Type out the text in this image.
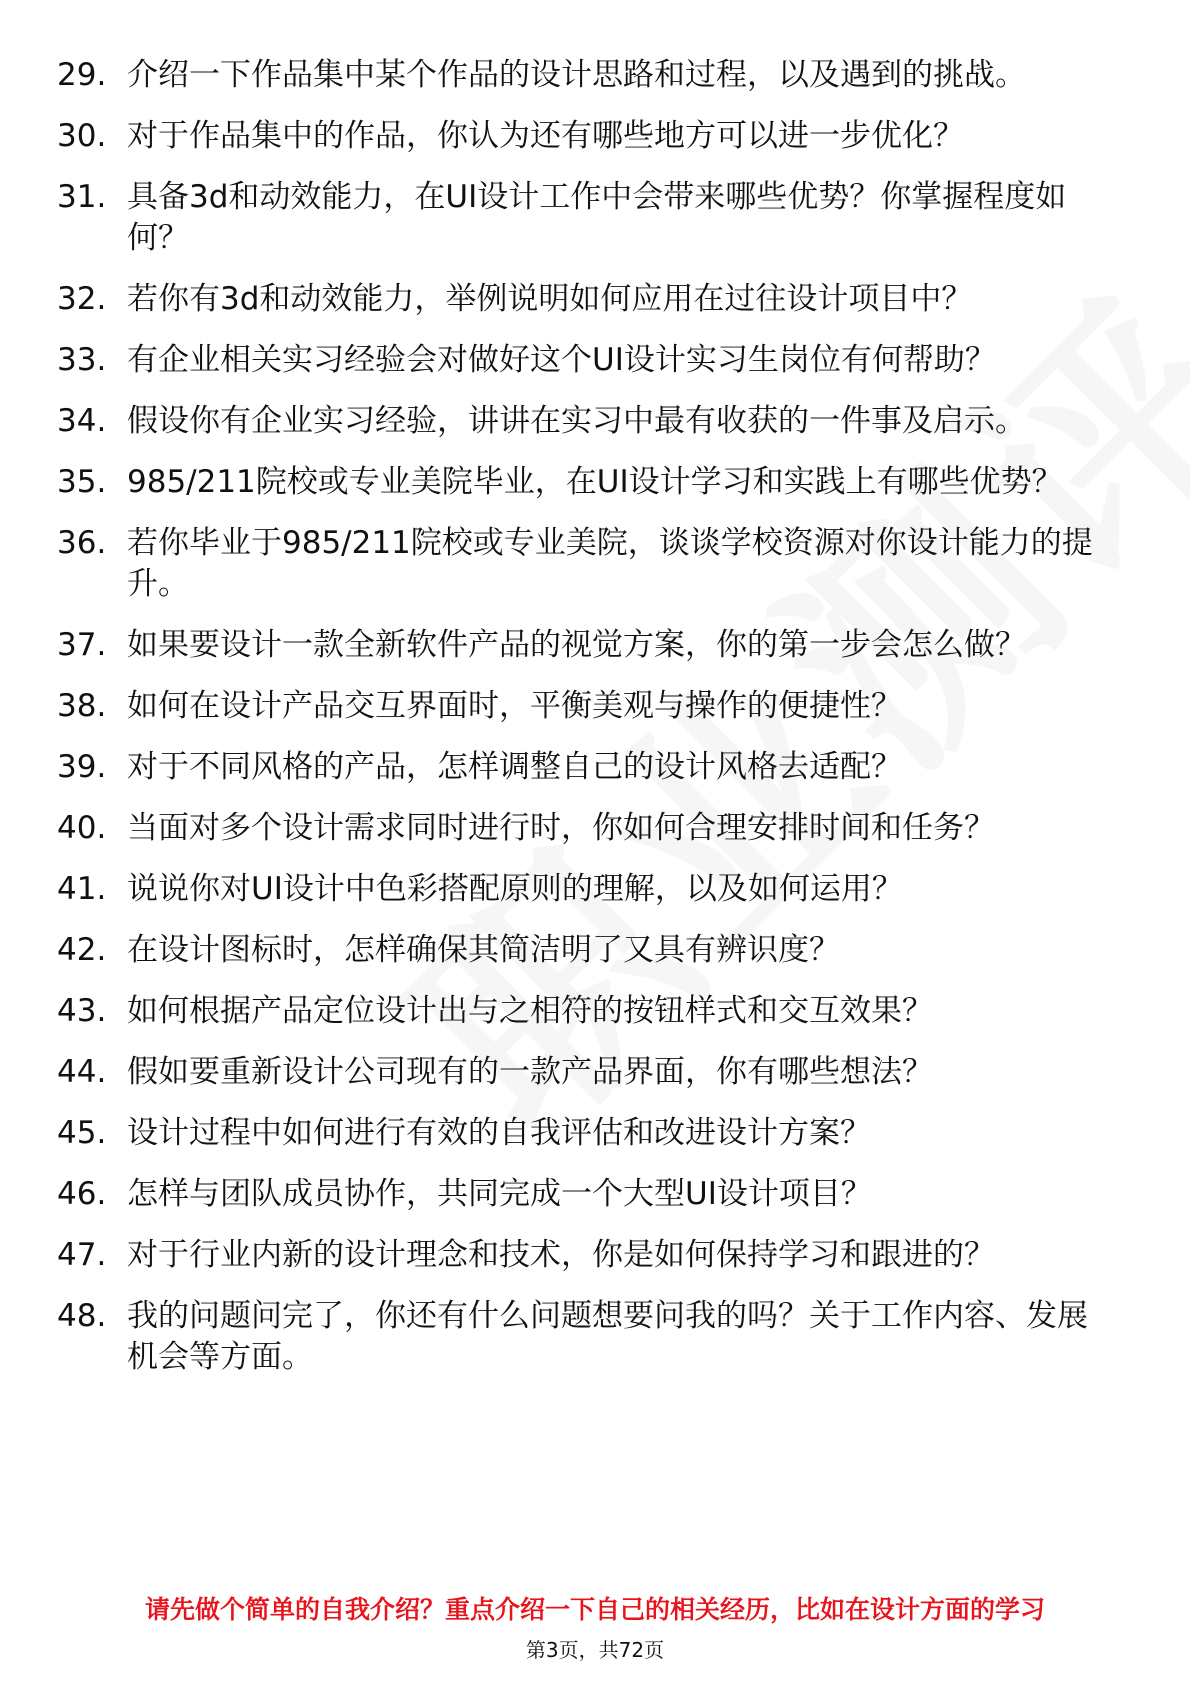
29. 介绍一下作品集中某个作品的设计思路和过程，以及遇到的挑战。
30. 对于作品集中的作品，你认为还有哪些地方可以进一步优化？
31. 具备3d和动效能力，在UI设计工作中会带来哪些优势？你掌握程度如何？
32. 若你有3d和动效能力，举例说明如何应用在过往设计项目中？
33. 有企业相关实习经验会对做好这个UI设计实习生岗位有何帮助？
34. 假设你有企业实习经验，讲讲在实习中最有收获的一件事及启示。
35. 985/211院校或专业美院毕业，在UI设计学习和实践上有哪些优势？
36. 若你毕业于985/211院校或专业美院，谈谈学校资源对你设计能力的提升。
37. 如果要设计一款全新软件产品的视觉方案，你的第一步会怎么做？
38. 如何在设计产品交互界面时，平衡美观与操作的便捷性？
39. 对于不同风格的产品，怎样调整自己的设计风格去适配？
40. 当面对多个设计需求同时进行时，你如何合理安排时间和任务？
41. 说说你对UI设计中色彩搭配原则的理解，以及如何运用？
42. 在设计图标时，怎样确保其简洁明了又具有辨识度？
43. 如何根据产品定位设计出与之相符的按钮样式和交互效果？
44. 假如要重新设计公司现有的一款产品界面，你有哪些想法？
45. 设计过程中如何进行有效的自我评估和改进设计方案？
46. 怎样与团队成员协作，共同完成一个大型UI设计项目？
47. 对于行业内新的设计理念和技术，你是如何保持学习和跟进的？
48. 我的问题问完了，你还有什么问题想要问我的吗？关于工作内容、发展机会等方面。
请先做个简单的自我介绍？重点介绍一下自己的相关经历，比如在设计方面的学习
第3页，共72页
